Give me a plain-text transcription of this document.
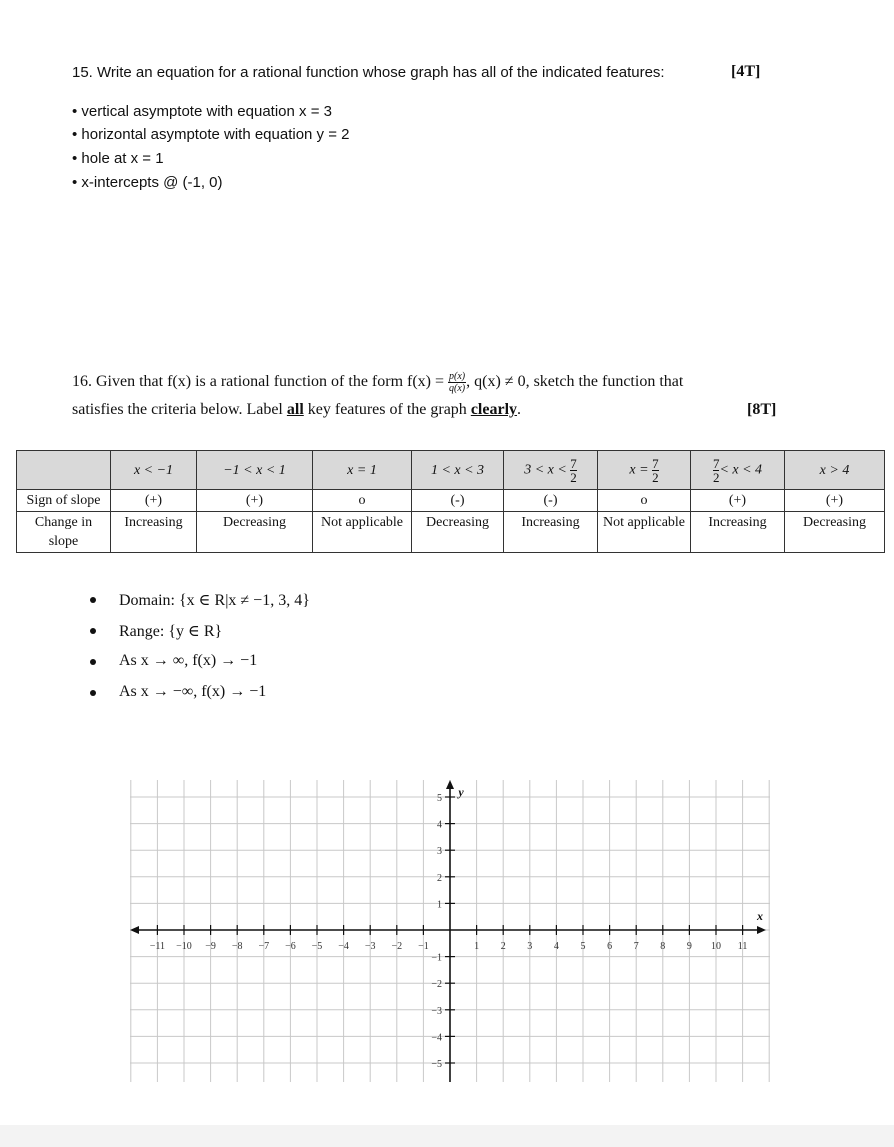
15. Write an equation for a rational function whose graph has all of the indicated features:	[4T]
• vertical asymptote with equation x = 3
• horizontal asymptote with equation y = 2
• hole at x = 1
• x-intercepts @ (-1, 0)
16. Given that f(x) is a rational function of the form $f(x) = \frac{p(x)}{q(x)}$ , q(x) ≠ 0, sketch the function that
satisfies the criteria below. Label all key features of the graph clearly.	[8T]
	x < −1	−1 < x < 1	x = 1	1 < x < 3	$3 < x < \frac{7}{2}$	$x = \frac{7}{2}$	$\frac{7}{2}< x < 4$	x > 4
Sign of slope	(+)	(+)	o	(-)	(-)	o	(+)	(+)
Change in slope	Increasing	Decreasing	Not applicable	Decreasing	Increasing	Not applicable	Increasing	Decreasing
Domain: {x ∈ R|x ≠ −1, 3, 4}
Range: {y ∈ R}
As x → ∞, f(x) → −1
As x → −∞, f(x) → −1
−11 −10 −9 −8 −7 −6 −5 −4 −3 −2 −1	1 2 3 4 5 6 7 8 9 10 11
5
4
3
2
1
−1
−2
−3
−4
−5
x
y
